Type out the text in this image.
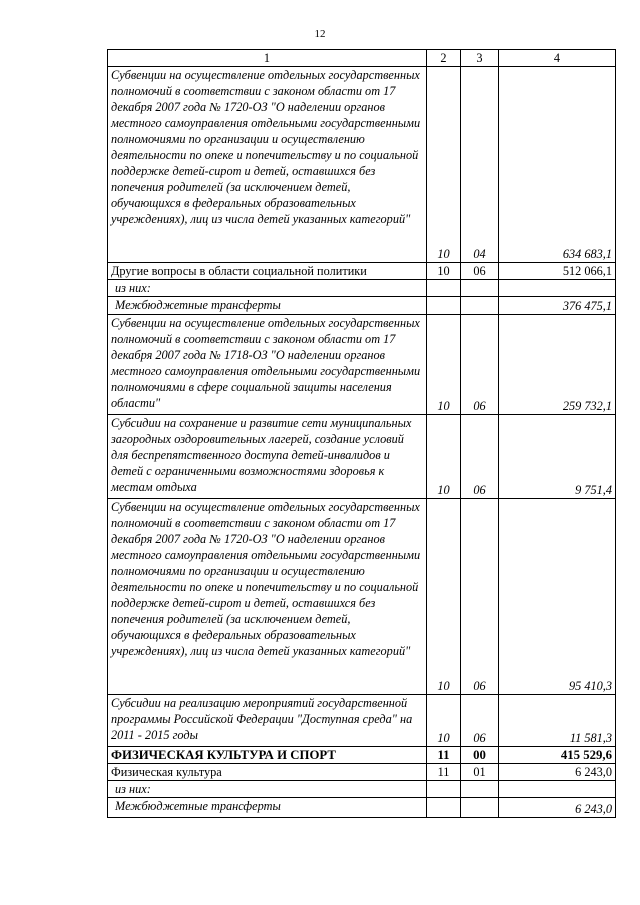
12
1	2	3	4
Субвенции на осуществление отдельных государственных полномочий в соответствии с законом области от 17 декабря 2007 года № 1720-ОЗ "О наделении органов местного самоуправления отдельными государственными полномочиями по организации и осуществлению деятельности по опеке и попечительству и по социальной поддержке детей-сирот и детей, оставшихся без попечения родителей (за исключением детей, обучающихся в федеральных образовательных учреждениях), лиц из числа детей указанных категорий"	10	04	634 683,1
Другие вопросы в области социальной политики	10	06	512 066,1
из них:			
Межбюджетные трансферты			376 475,1
Субвенции на осуществление отдельных государственных полномочий в соответствии с законом области от 17 декабря 2007 года № 1718-ОЗ "О наделении органов местного самоуправления отдельными государственными полномочиями в сфере социальной защиты населения области"	10	06	259 732,1
Субсидии на сохранение и развитие сети муниципальных загородных оздоровительных лагерей, создание условий для беспрепятственного доступа детей-инвалидов и детей с ограниченными возможностями здоровья к местам отдыха	10	06	9 751,4
Субвенции на осуществление отдельных государственных полномочий в соответствии с законом области от 17 декабря 2007 года № 1720-ОЗ "О наделении органов местного самоуправления отдельными государственными полномочиями по организации и осуществлению деятельности по опеке и попечительству и по социальной поддержке детей-сирот и детей, оставшихся без попечения родителей (за исключением детей, обучающихся в федеральных образовательных учреждениях), лиц из числа детей указанных категорий"	10	06	95 410,3
Субсидии на реализацию мероприятий государственной программы Российской Федерации "Доступная среда" на 2011 - 2015 годы	10	06	11 581,3
ФИЗИЧЕСКАЯ КУЛЬТУРА И СПОРТ	11	00	415 529,6
Физическая культура	11	01	6 243,0
из них:			
Межбюджетные трансферты			6 243,0
